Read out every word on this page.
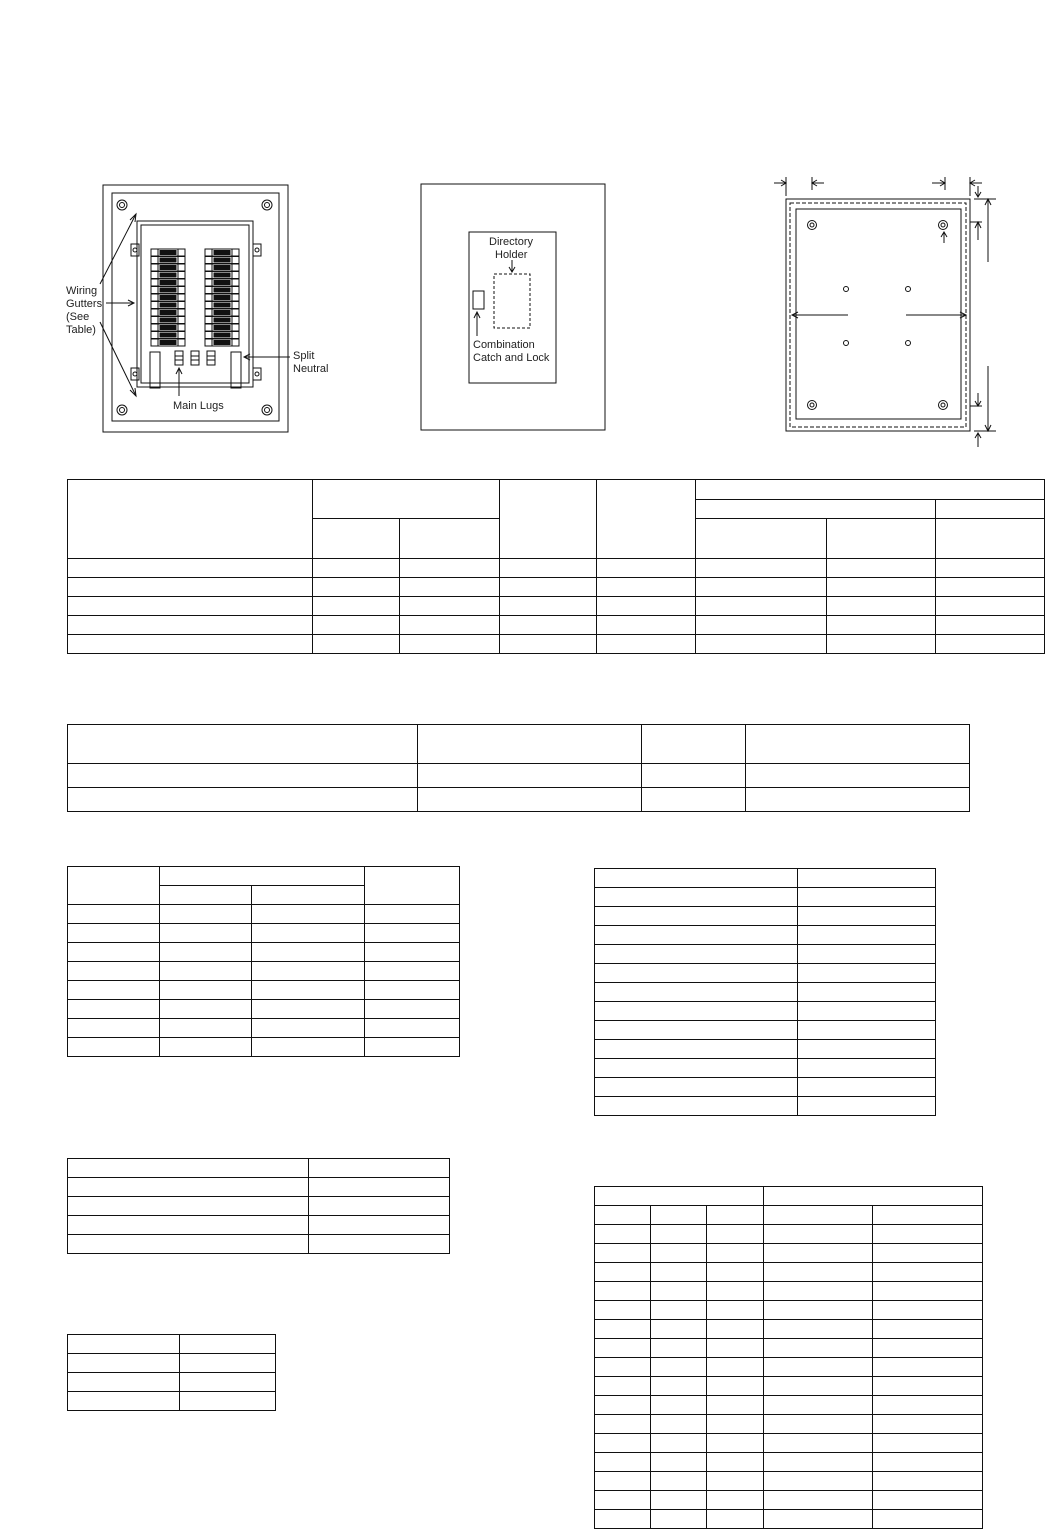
Wiring
Gutters
(See
Table)
Split
Neutral
Main Lugs
Directory
Holder
Combination
Catch and Lock
